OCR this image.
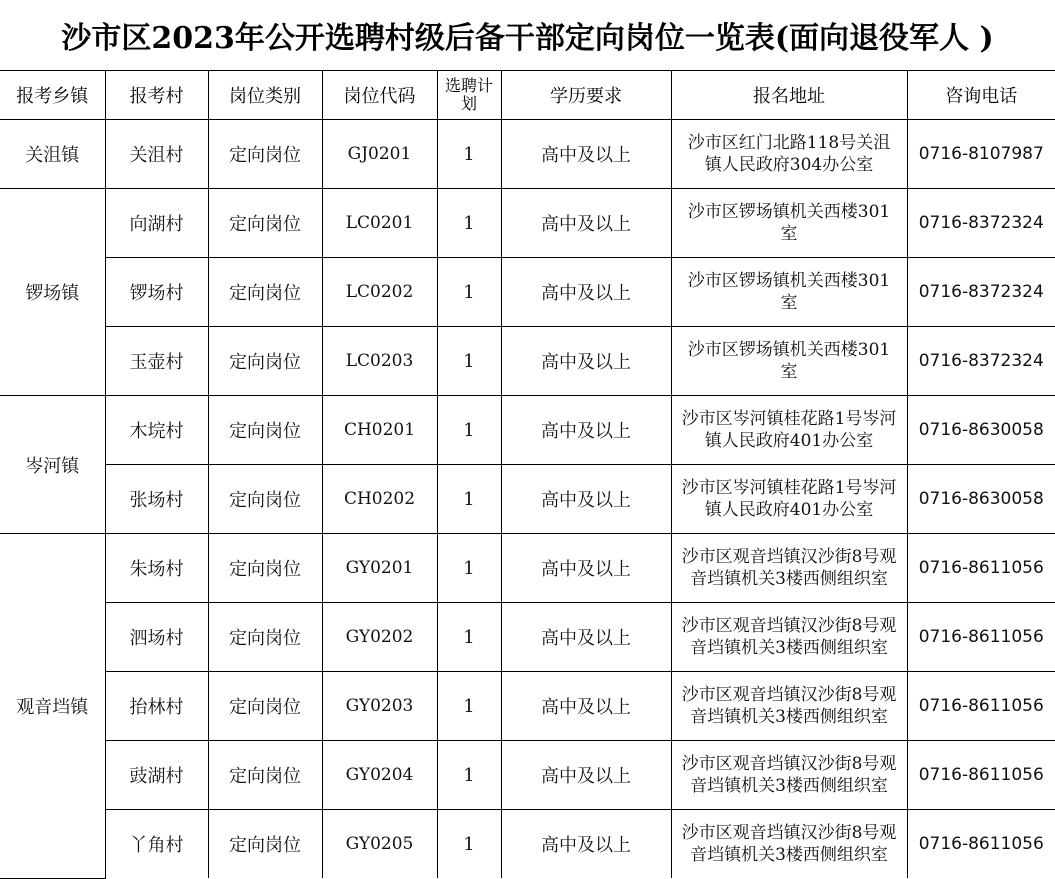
沙市区2023年公开选聘村级后备干部定向岗位一览表(面向退役军人 )
报考乡镇	报考村	岗位类别	岗位代码	选聘计划	学历要求	报名地址	咨询电话
关沮镇	关沮村	定向岗位	GJ0201	1	高中及以上	沙市区红门北路118号关沮镇人民政府304办公室	0716-8107987
锣场镇	向湖村	定向岗位	LC0201	1	高中及以上	沙市区锣场镇机关西楼301室	0716-8372324
	锣场村	定向岗位	LC0202	1	高中及以上	沙市区锣场镇机关西楼301室	0716-8372324
	玉壶村	定向岗位	LC0203	1	高中及以上	沙市区锣场镇机关西楼301室	0716-8372324
岑河镇	木垸村	定向岗位	CH0201	1	高中及以上	沙市区岑河镇桂花路1号岑河镇人民政府401办公室	0716-8630058
	张场村	定向岗位	CH0202	1	高中及以上	沙市区岑河镇桂花路1号岑河镇人民政府401办公室	0716-8630058
观音垱镇	朱场村	定向岗位	GY0201	1	高中及以上	沙市区观音垱镇汉沙街8号观音垱镇机关3楼西侧组织室	0716-8611056
	泗场村	定向岗位	GY0202	1	高中及以上	沙市区观音垱镇汉沙街8号观音垱镇机关3楼西侧组织室	0716-8611056
	抬林村	定向岗位	GY0203	1	高中及以上	沙市区观音垱镇汉沙街8号观音垱镇机关3楼西侧组织室	0716-8611056
	豉湖村	定向岗位	GY0204	1	高中及以上	沙市区观音垱镇汉沙街8号观音垱镇机关3楼西侧组织室	0716-8611056
	丫角村	定向岗位	GY0205	1	高中及以上	沙市区观音垱镇汉沙街8号观音垱镇机关3楼西侧组织室	0716-8611056
